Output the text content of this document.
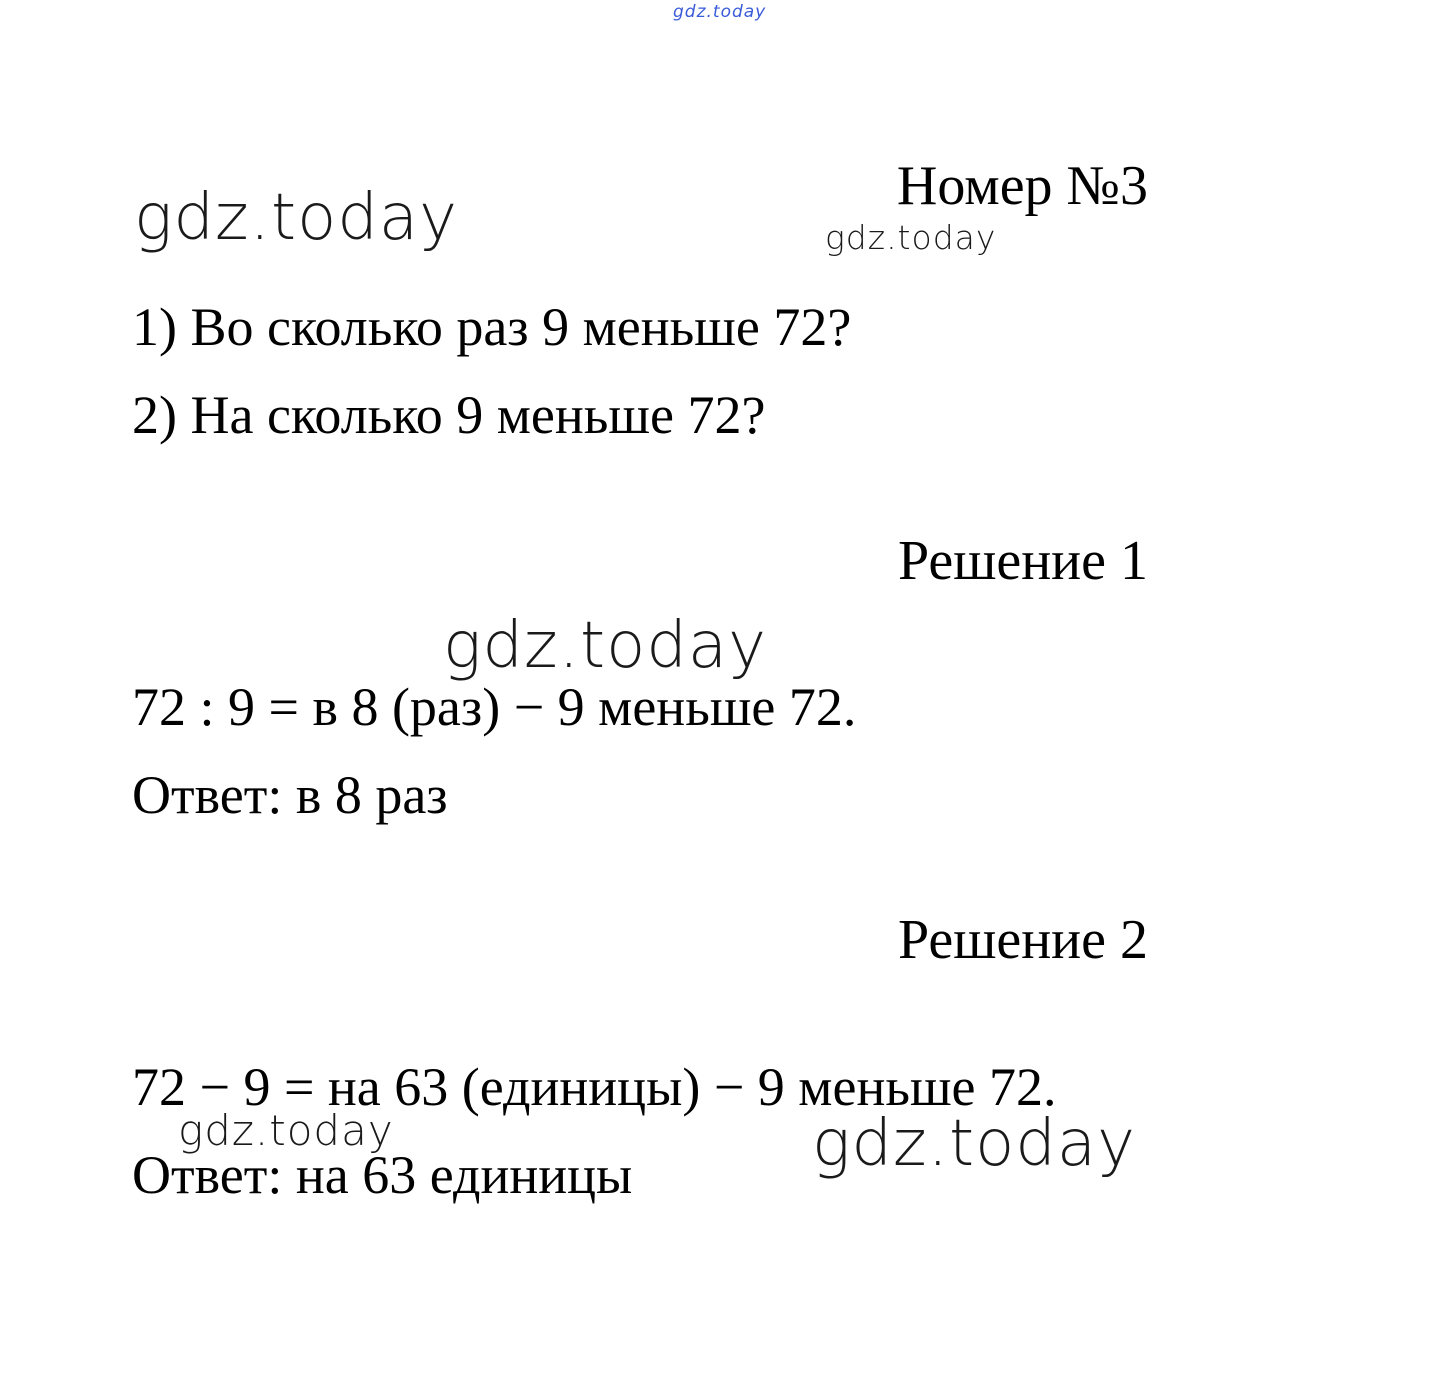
gdz.today
Номер №3
gdz.today	gdz.today
1) Во сколько раз 9 меньше 72?
2) На сколько 9 меньше 72?
Решение 1
gdz.today
72 : 9 = в 8 (раз) − 9 меньше 72.
Ответ: в 8 раз
Решение 2
72 − 9 = на 63 (единицы) − 9 меньше 72.
gdz.today
Ответ: на 63 единицы	gdz.today
